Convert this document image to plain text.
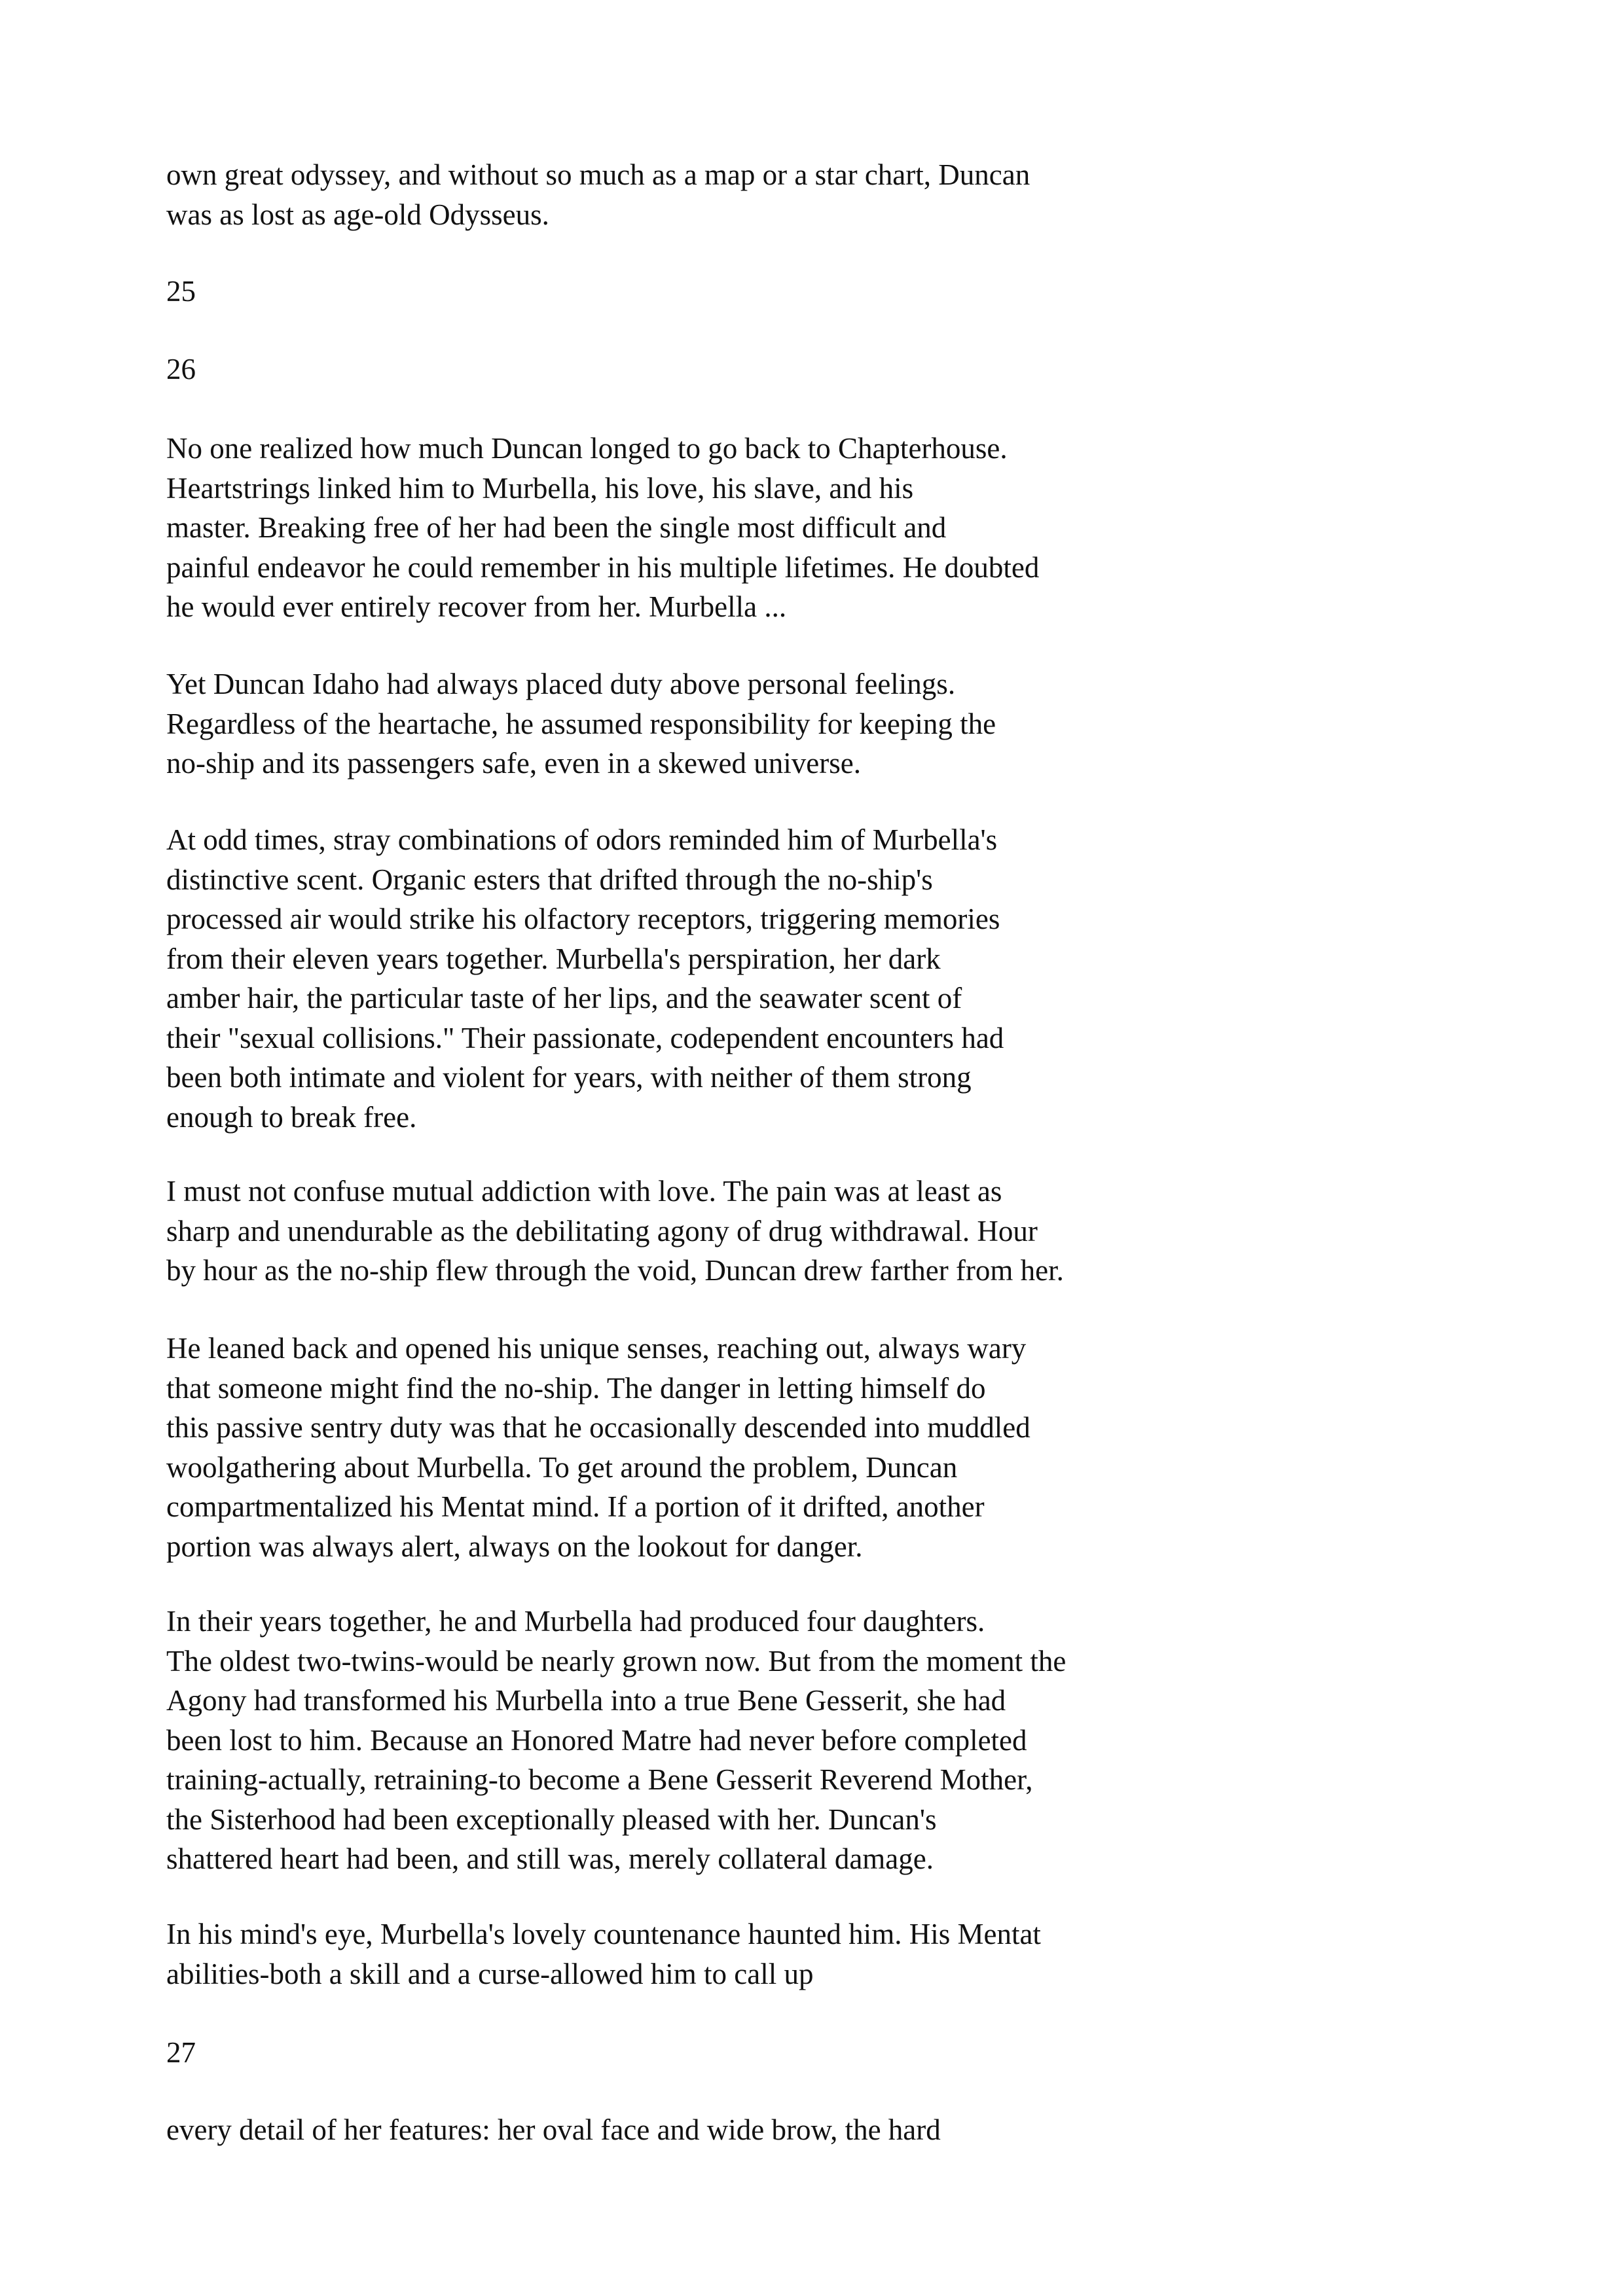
own great odyssey, and without so much as a map or a star chart, Duncan
was as lost as age-old Odysseus.

25

26

No one realized how much Duncan longed to go back to Chapterhouse.
Heartstrings linked him to Murbella, his love, his slave, and his
master. Breaking free of her had been the single most difficult and
painful endeavor he could remember in his multiple lifetimes. He doubted
he would ever entirely recover from her. Murbella ...

Yet Duncan Idaho had always placed duty above personal feelings.
Regardless of the heartache, he assumed responsibility for keeping the
no-ship and its passengers safe, even in a skewed universe.

At odd times, stray combinations of odors reminded him of Murbella's
distinctive scent. Organic esters that drifted through the no-ship's
processed air would strike his olfactory receptors, triggering memories
from their eleven years together. Murbella's perspiration, her dark
amber hair, the particular taste of her lips, and the seawater scent of
their "sexual collisions." Their passionate, codependent encounters had
been both intimate and violent for years, with neither of them strong
enough to break free.

I must not confuse mutual addiction with love. The pain was at least as
sharp and unendurable as the debilitating agony of drug withdrawal. Hour
by hour as the no-ship flew through the void, Duncan drew farther from her.

He leaned back and opened his unique senses, reaching out, always wary
that someone might find the no-ship. The danger in letting himself do
this passive sentry duty was that he occasionally descended into muddled
woolgathering about Murbella. To get around the problem, Duncan
compartmentalized his Mentat mind. If a portion of it drifted, another
portion was always alert, always on the lookout for danger.

In their years together, he and Murbella had produced four daughters.
The oldest two-twins-would be nearly grown now. But from the moment the
Agony had transformed his Murbella into a true Bene Gesserit, she had
been lost to him. Because an Honored Matre had never before completed
training-actually, retraining-to become a Bene Gesserit Reverend Mother,
the Sisterhood had been exceptionally pleased with her. Duncan's
shattered heart had been, and still was, merely collateral damage.

In his mind's eye, Murbella's lovely countenance haunted him. His Mentat
abilities-both a skill and a curse-allowed him to call up

27

every detail of her features: her oval face and wide brow, the hard
